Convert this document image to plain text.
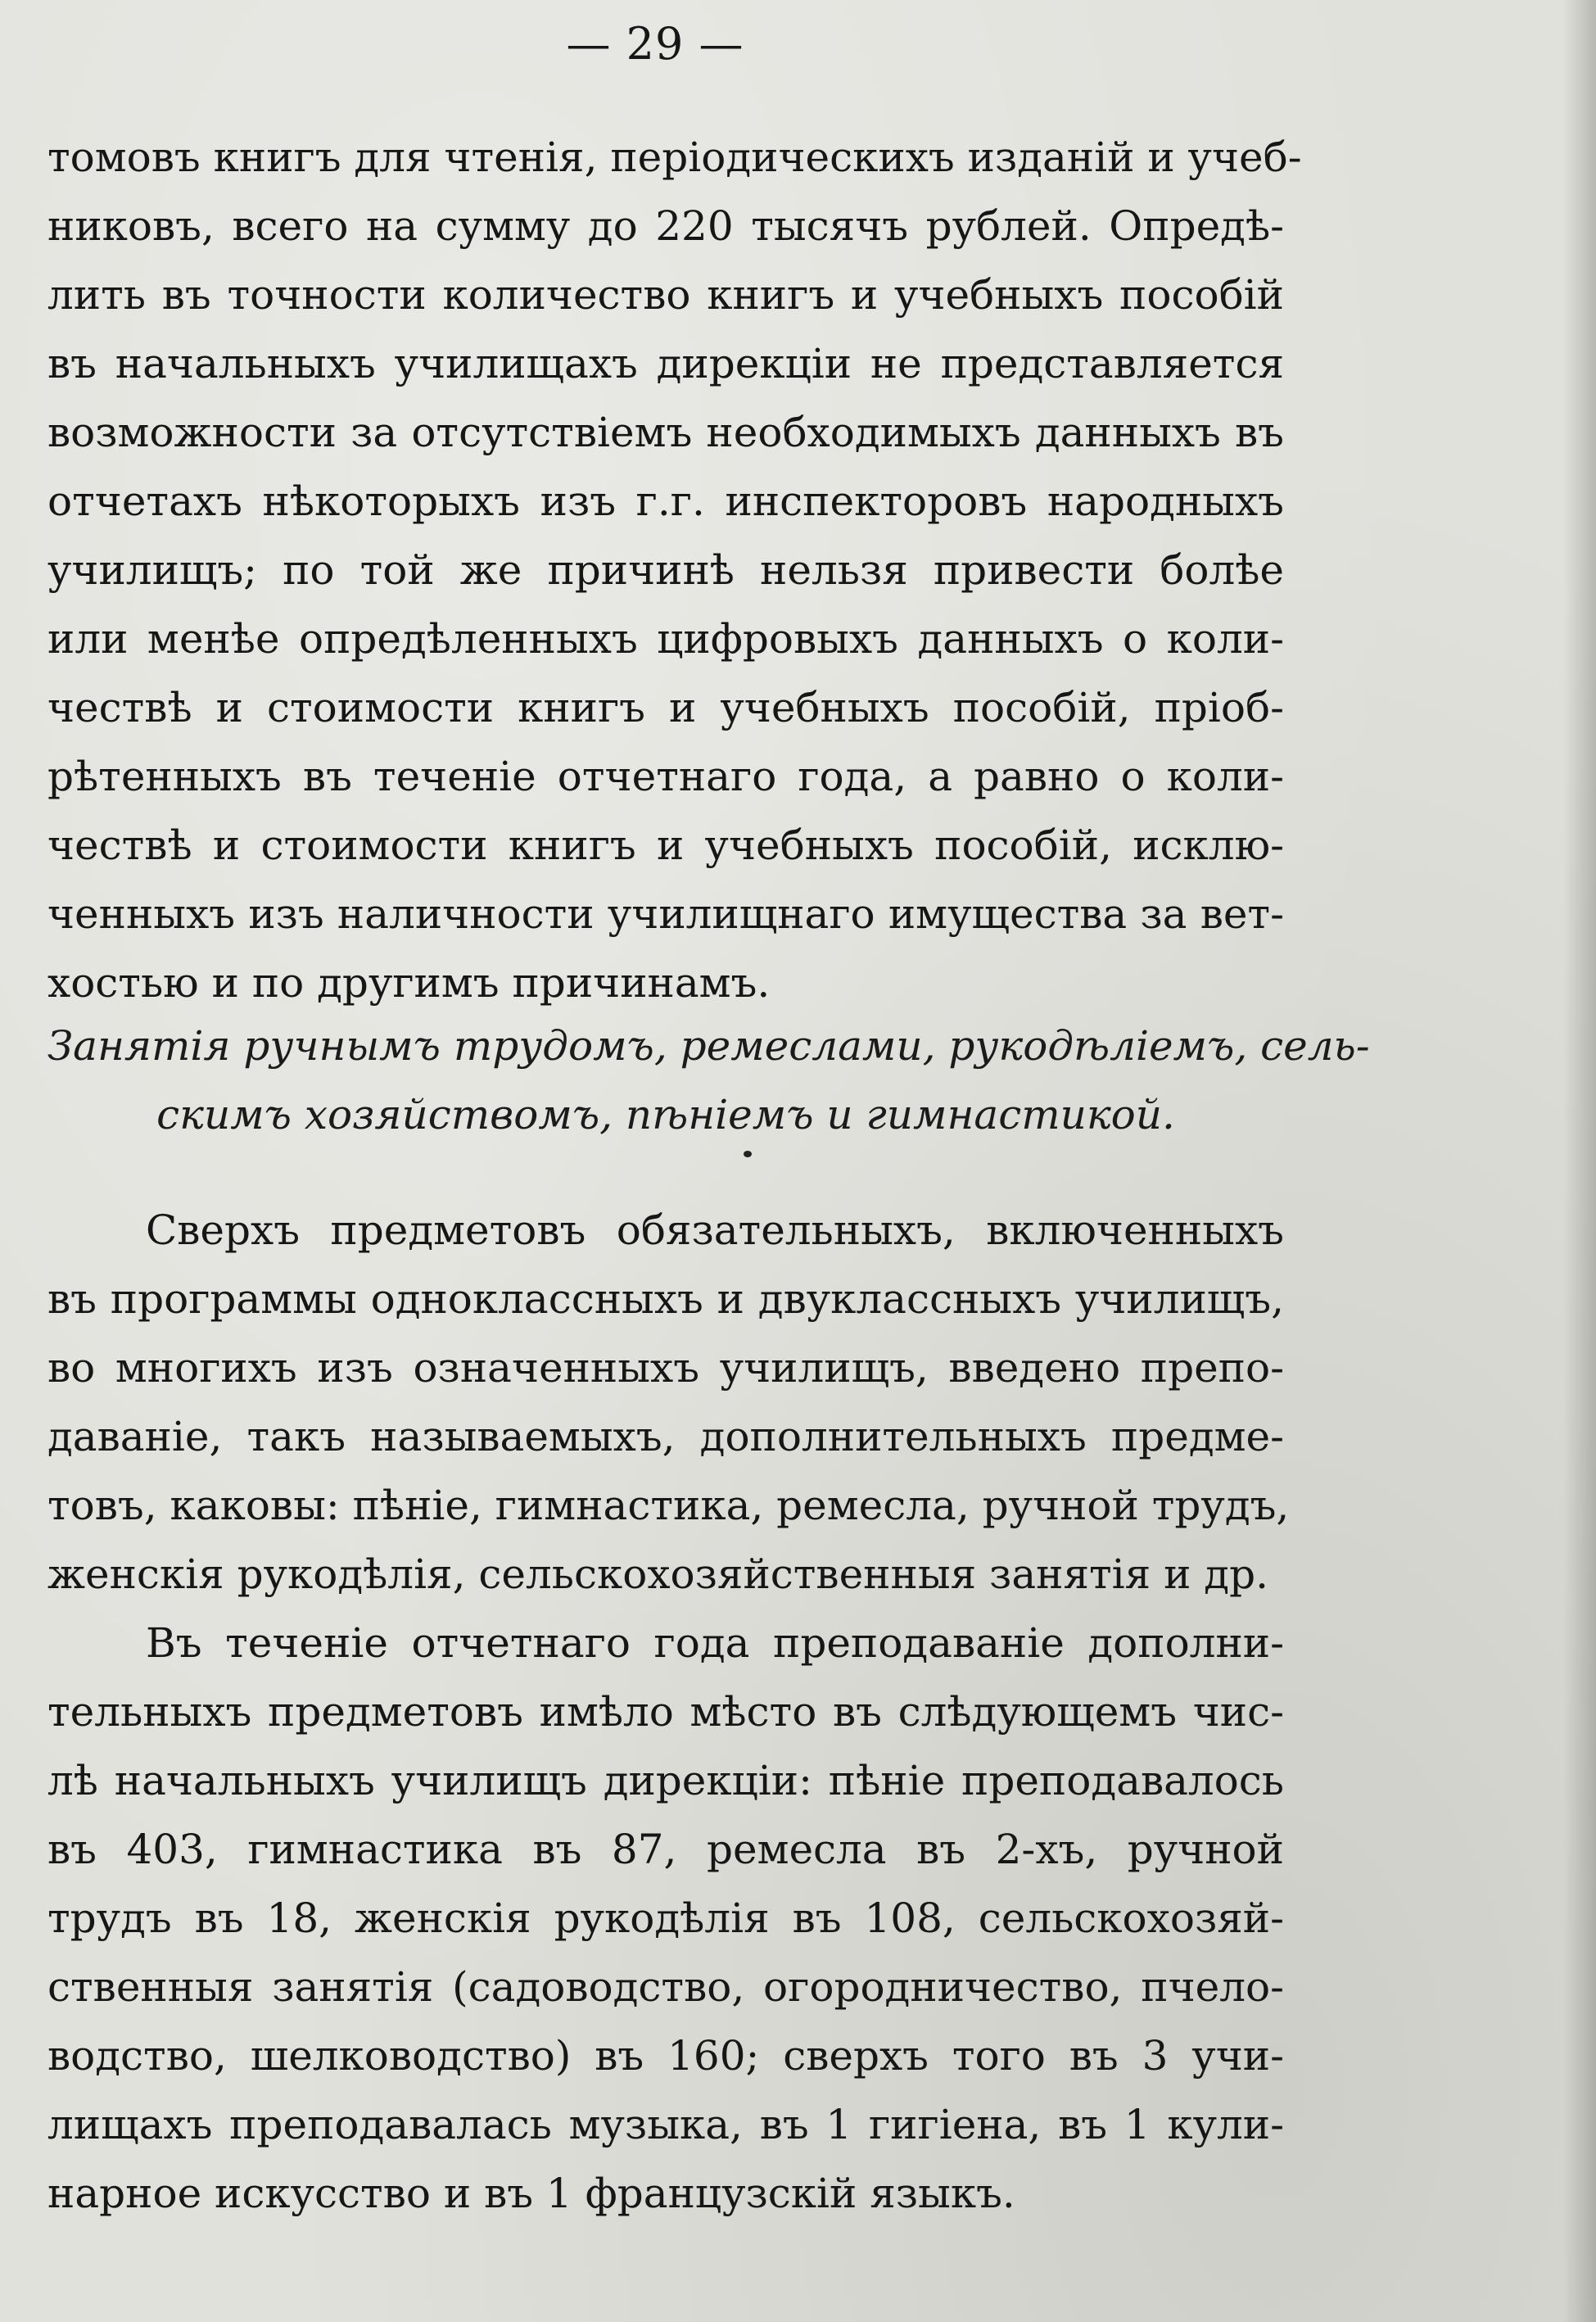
— 29 —
томовъ книгъ для чтенія, періодическихъ изданій и учеб-
никовъ, всего на сумму до 220 тысячъ рублей. Опредѣ-
лить въ точности количество книгъ и учебныхъ пособій
въ начальныхъ училищахъ дирекціи не представляется
возможности за отсутствіемъ необходимыхъ данныхъ въ
отчетахъ нѣкоторыхъ изъ г.г. инспекторовъ народныхъ
училищъ; по той же причинѣ нельзя привести болѣе
или менѣе опредѣленныхъ цифровыхъ данныхъ о коли-
чествѣ и стоимости книгъ и учебныхъ пособій, пріоб-
рѣтенныхъ въ теченіе отчетнаго года, а равно о коли-
чествѣ и стоимости книгъ и учебныхъ пособій, исклю-
ченныхъ изъ наличности училищнаго имущества за вет-
хостью и по другимъ причинамъ.
Занятія ручнымъ трудомъ, ремеслами, рукодѣліемъ, сель-
скимъ хозяйствомъ, пѣніемъ и гимнастикой.
Сверхъ предметовъ обязательныхъ, включенныхъ
въ программы одноклассныхъ и двуклассныхъ училищъ,
во многихъ изъ означенныхъ училищъ, введено препо-
даваніе, такъ называемыхъ, дополнительныхъ предме-
товъ, каковы: пѣніе, гимнастика, ремесла, ручной трудъ,
женскія рукодѣлія, сельскохозяйственныя занятія и др.
Въ теченіе отчетнаго года преподаваніе дополни-
тельныхъ предметовъ имѣло мѣсто въ слѣдующемъ чис-
лѣ начальныхъ училищъ дирекціи: пѣніе преподавалось
въ 403, гимнастика въ 87, ремесла въ 2-хъ, ручной
трудъ въ 18, женскія рукодѣлія въ 108, сельскохозяй-
ственныя занятія (садоводство, огородничество, пчело-
водство, шелководство) въ 160; сверхъ того въ 3 учи-
лищахъ преподавалась музыка, въ 1 гигіена, въ 1 кули-
нарное искусство и въ 1 французскій языкъ.
